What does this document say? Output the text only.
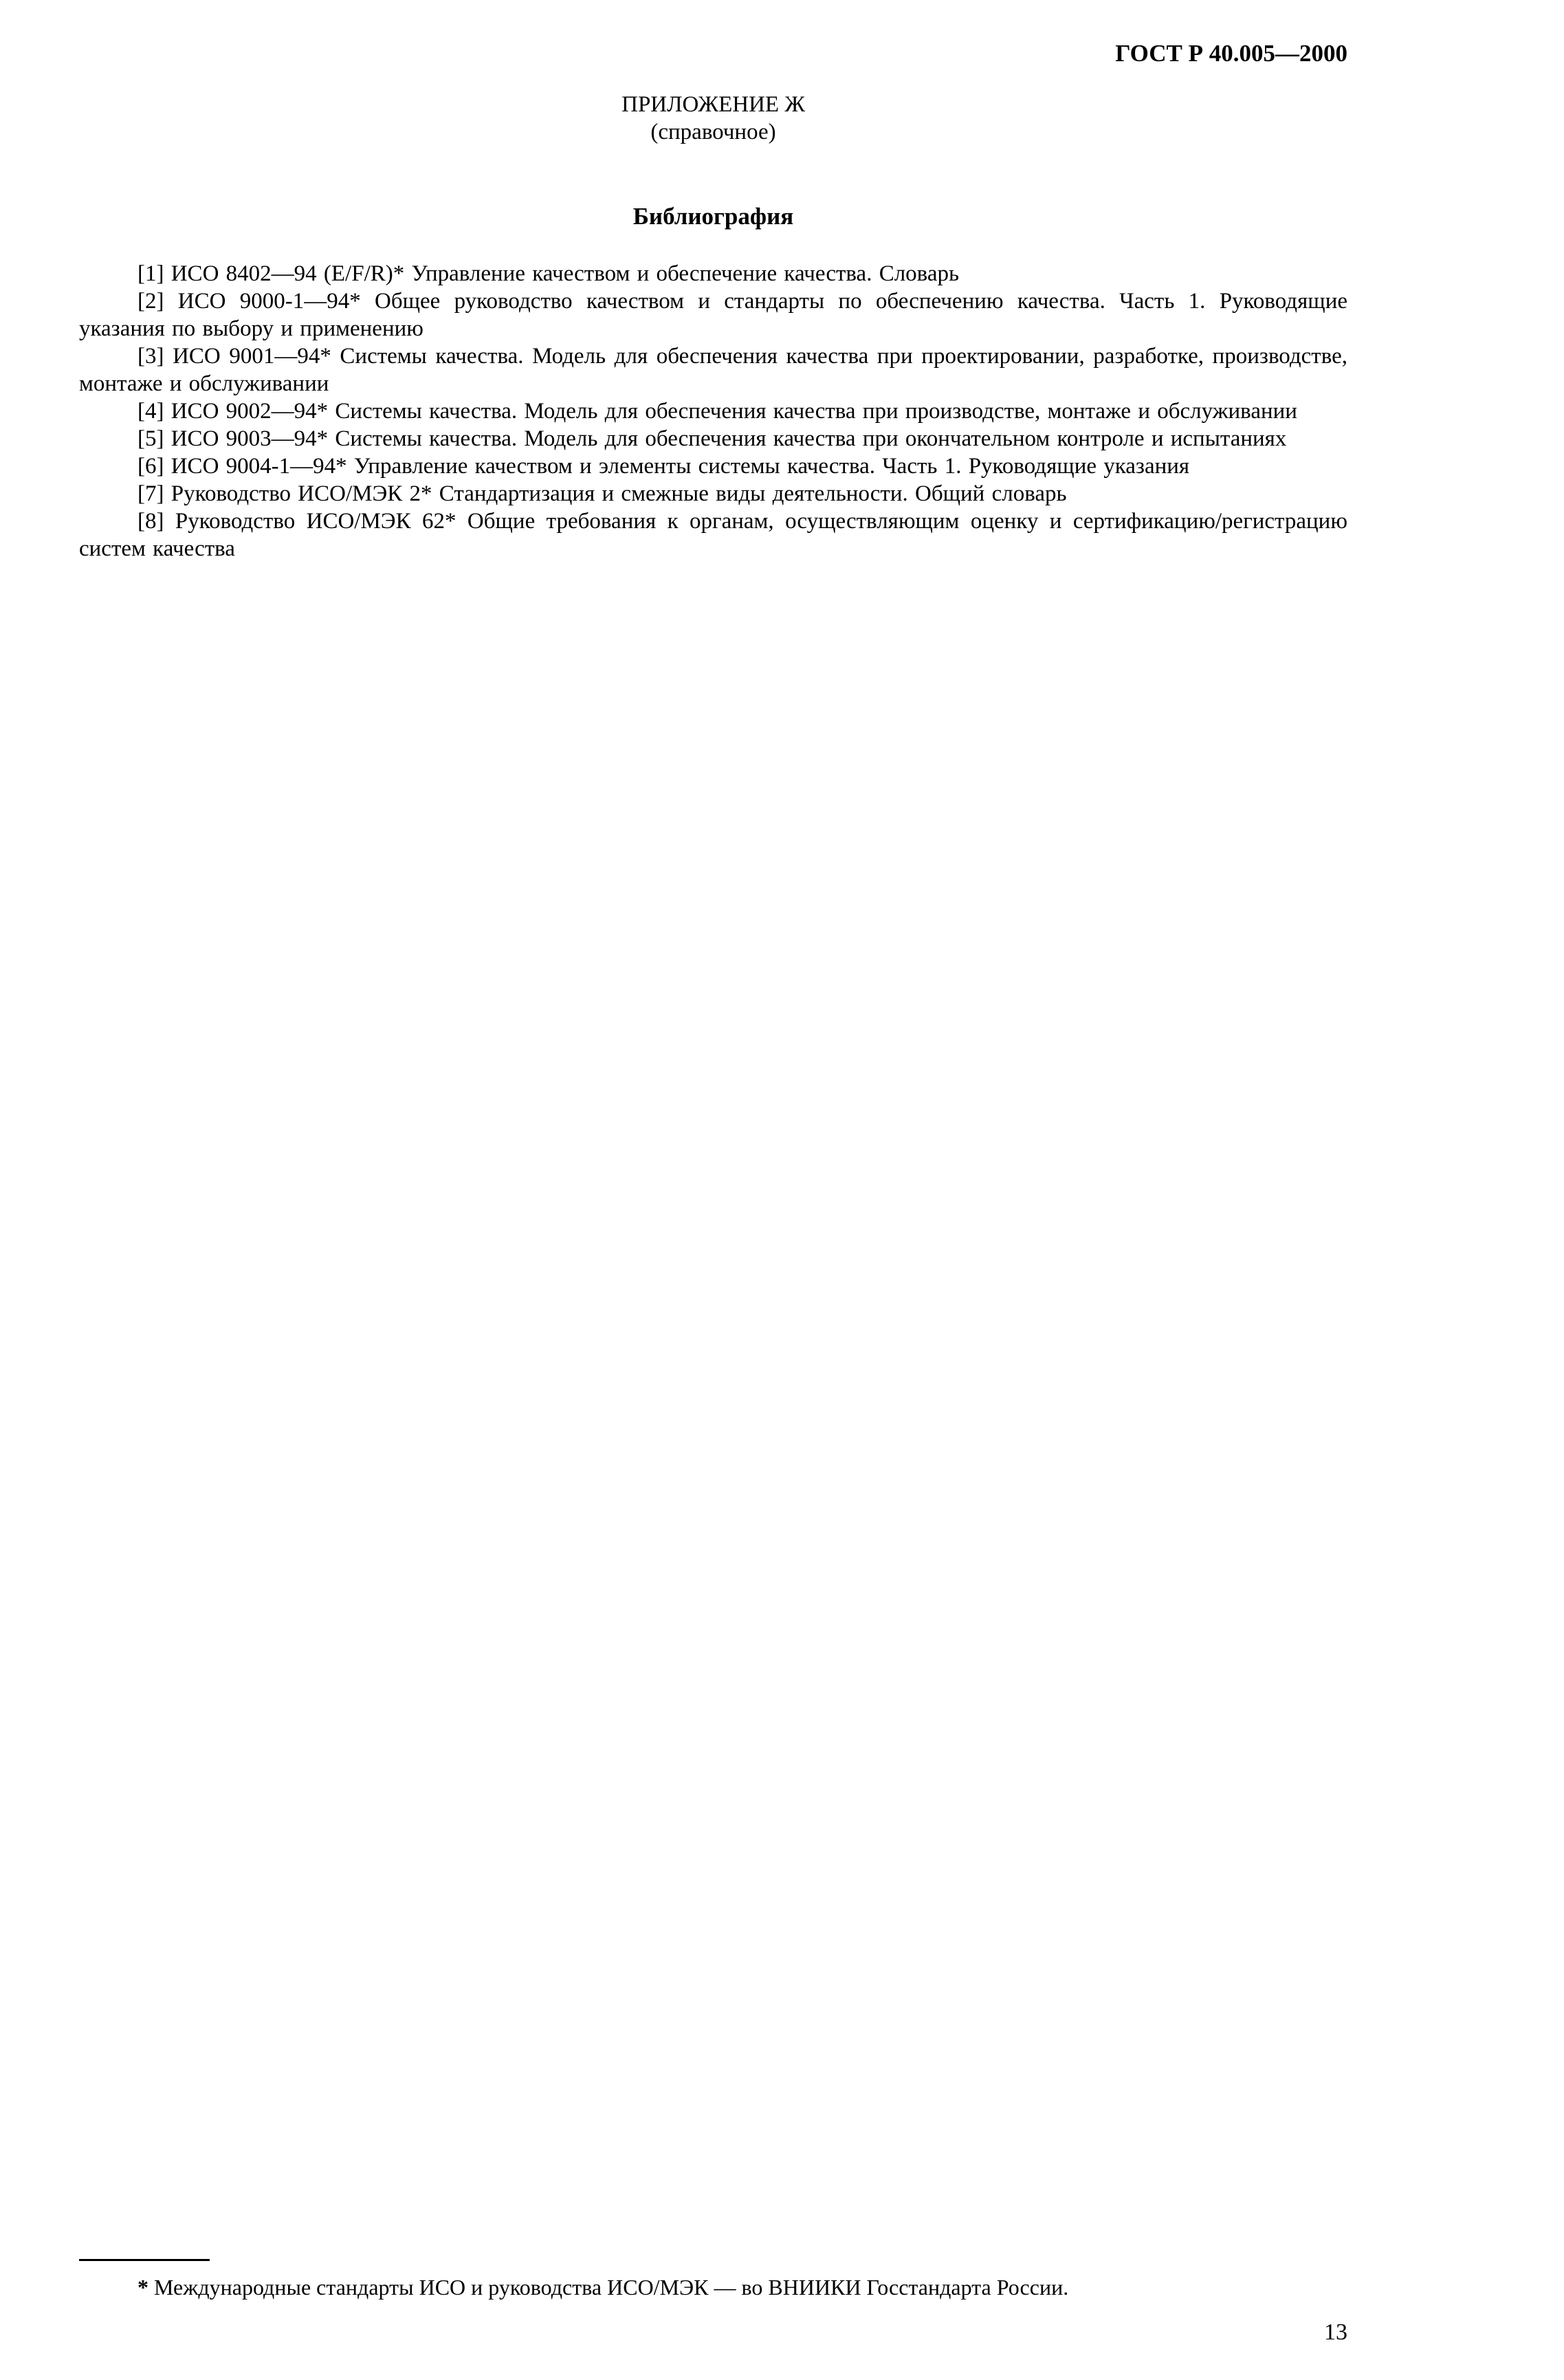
ГОСТ Р 40.005—2000
ПРИЛОЖЕНИЕ Ж
(справочное)
Библиография

[1] ИСО 8402—94 (E/F/R)* Управление качеством и обеспечение качества. Словарь

[2] ИСО 9000-1—94* Общее руководство качеством и стандарты по обеспечению качества. Часть 1. Руководящие указания по выбору и применению

[3] ИСО 9001—94* Системы качества. Модель для обеспечения качества при проектировании, разработке, производстве, монтаже и обслуживании

[4] ИСО 9002—94* Системы качества. Модель для обеспечения качества при производстве, монтаже и обслуживании

[5] ИСО 9003—94* Системы качества. Модель для обеспечения качества при окончательном контроле и испытаниях

[6] ИСО 9004-1—94* Управление качеством и элементы системы качества. Часть 1. Руководящие указания

[7] Руководство ИСО/МЭК 2* Стандартизация и смежные виды деятельности. Общий словарь

[8] Руководство ИСО/МЭК 62* Общие требования к органам, осуществляющим оценку и сертификацию/регистрацию систем качества

* Международные стандарты ИСО и руководства ИСО/МЭК — во ВНИИКИ Госстандарта России.
13
